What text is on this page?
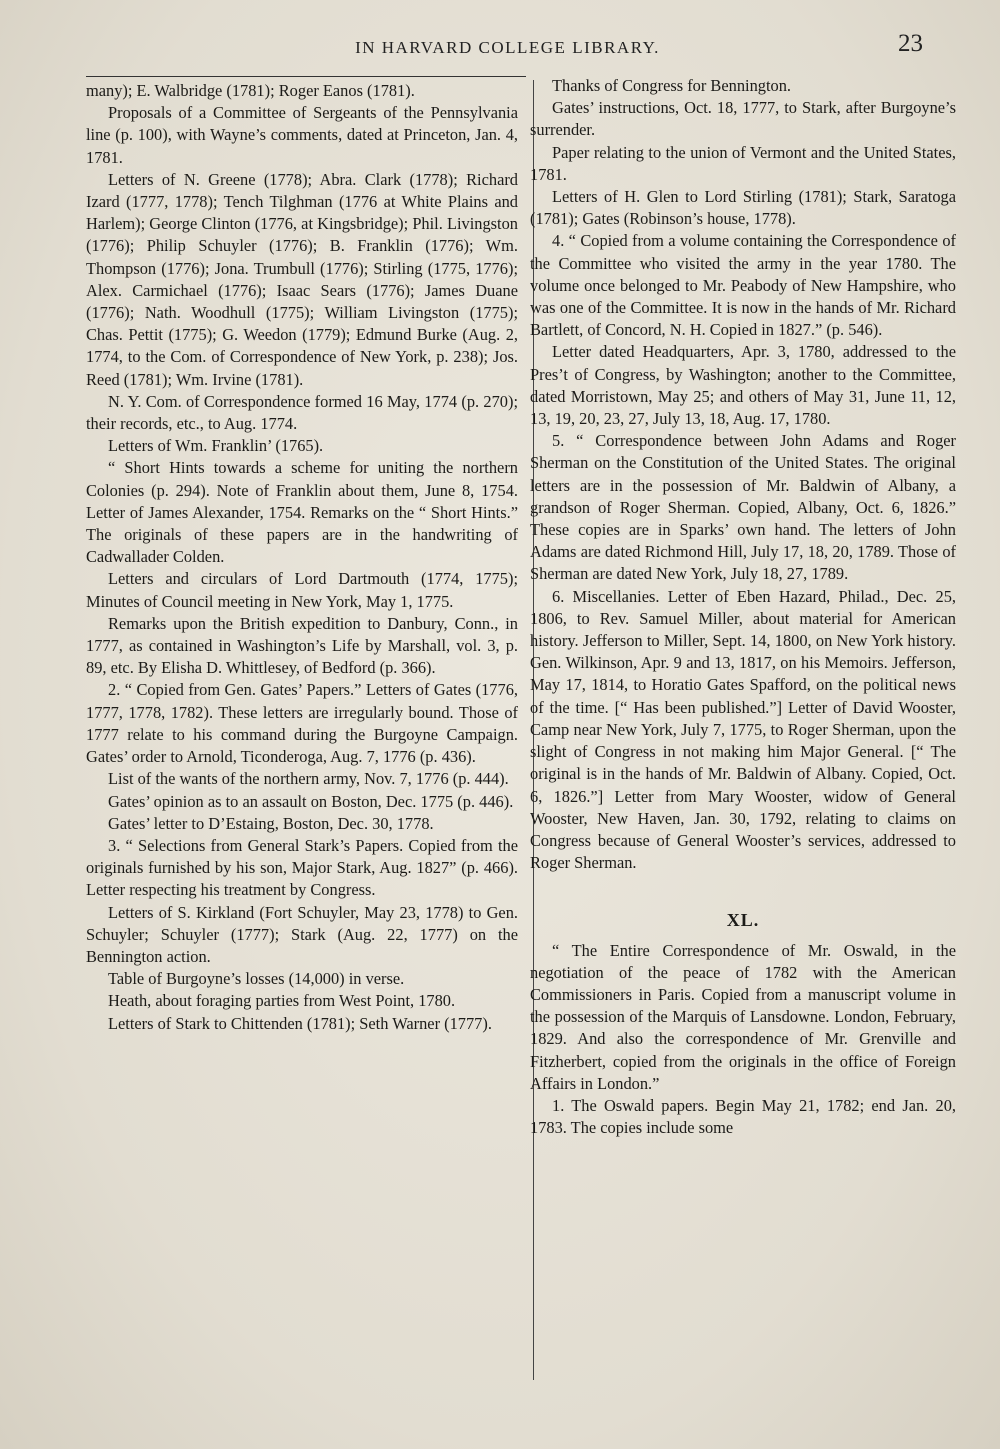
IN HARVARD COLLEGE LIBRARY.	23

many); E. Walbridge (1781); Roger Eanos (1781).

Proposals of a Committee of Sergeants of the Pennsylvania line (p. 100), with Wayne’s comments, dated at Princeton, Jan. 4, 1781.

Letters of N. Greene (1778); Abra. Clark (1778); Richard Izard (1777, 1778); Tench Tilghman (1776 at White Plains and Harlem); George Clinton (1776, at Kingsbridge); Phil. Livingston (1776); Philip Schuyler (1776); B. Franklin (1776); Wm. Thompson (1776); Jona. Trumbull (1776); Stirling (1775, 1776); Alex. Carmichael (1776); Isaac Sears (1776); James Duane (1776); Nath. Woodhull (1775); William Livingston (1775); Chas. Pettit (1775); G. Weedon (1779); Edmund Burke (Aug. 2, 1774, to the Com. of Correspondence of New York, p. 238); Jos. Reed (1781); Wm. Irvine (1781).

N. Y. Com. of Correspondence formed 16 May, 1774 (p. 270); their records, etc., to Aug. 1774.

Letters of Wm. Franklin’ (1765).

“ Short Hints towards a scheme for uniting the northern Colonies (p. 294). Note of Franklin about them, June 8, 1754. Letter of James Alexander, 1754. Remarks on the “ Short Hints.” The originals of these papers are in the handwriting of Cadwallader Colden.

Letters and circulars of Lord Dartmouth (1774, 1775); Minutes of Council meeting in New York, May 1, 1775.

Remarks upon the British expedition to Danbury, Conn., in 1777, as contained in Washington’s Life by Marshall, vol. 3, p. 89, etc. By Elisha D. Whittlesey, of Bedford (p. 366).

2. “ Copied from Gen. Gates’ Papers.” Letters of Gates (1776, 1777, 1778, 1782). These letters are irregularly bound. Those of 1777 relate to his command during the Burgoyne Campaign. Gates’ order to Arnold, Ticonderoga, Aug. 7, 1776 (p. 436).

List of the wants of the northern army, Nov. 7, 1776 (p. 444).

Gates’ opinion as to an assault on Boston, Dec. 1775 (p. 446).

Gates’ letter to D’Estaing, Boston, Dec. 30, 1778.

3. “ Selections from General Stark’s Papers. Copied from the originals furnished by his son, Major Stark, Aug. 1827” (p. 466). Letter respecting his treatment by Congress.

Letters of S. Kirkland (Fort Schuyler, May 23, 1778) to Gen. Schuyler; Schuyler (1777); Stark (Aug. 22, 1777) on the Bennington action.

Table of Burgoyne’s losses (14,000) in verse.

Heath, about foraging parties from West Point, 1780.

Letters of Stark to Chittenden (1781); Seth Warner (1777).

Thanks of Congress for Bennington.

Gates’ instructions, Oct. 18, 1777, to Stark, after Burgoyne’s surrender.

Paper relating to the union of Vermont and the United States, 1781.

Letters of H. Glen to Lord Stirling (1781); Stark, Saratoga (1781); Gates (Robinson’s house, 1778).

4. “ Copied from a volume containing the Correspondence of the Committee who visited the army in the year 1780. The volume once belonged to Mr. Peabody of New Hampshire, who was one of the Committee. It is now in the hands of Mr. Richard Bartlett, of Concord, N. H. Copied in 1827.” (p. 546).

Letter dated Headquarters, Apr. 3, 1780, addressed to the Pres’t of Congress, by Washington; another to the Committee, dated Morristown, May 25; and others of May 31, June 11, 12, 13, 19, 20, 23, 27, July 13, 18, Aug. 17, 1780.

5. “ Correspondence between John Adams and Roger Sherman on the Constitution of the United States. The original letters are in the possession of Mr. Baldwin of Albany, a grandson of Roger Sherman. Copied, Albany, Oct. 6, 1826.” These copies are in Sparks’ own hand. The letters of John Adams are dated Richmond Hill, July 17, 18, 20, 1789. Those of Sherman are dated New York, July 18, 27, 1789.

6. Miscellanies. Letter of Eben Hazard, Philad., Dec. 25, 1806, to Rev. Samuel Miller, about material for American history. Jefferson to Miller, Sept. 14, 1800, on New York history. Gen. Wilkinson, Apr. 9 and 13, 1817, on his Memoirs. Jefferson, May 17, 1814, to Horatio Gates Spafford, on the political news of the time. [“ Has been published.”] Letter of David Wooster, Camp near New York, July 7, 1775, to Roger Sherman, upon the slight of Congress in not making him Major General. [“ The original is in the hands of Mr. Baldwin of Albany. Copied, Oct. 6, 1826.”] Letter from Mary Wooster, widow of General Wooster, New Haven, Jan. 30, 1792, relating to claims on Congress because of General Wooster’s services, addressed to Roger Sherman.

XL.

“ The Entire Correspondence of Mr. Oswald, in the negotiation of the peace of 1782 with the American Commissioners in Paris. Copied from a manuscript volume in the possession of the Marquis of Lansdowne. London, February, 1829. And also the correspondence of Mr. Grenville and Fitzherbert, copied from the originals in the office of Foreign Affairs in London.”

1. The Oswald papers. Begin May 21, 1782; end Jan. 20, 1783. The copies include some
